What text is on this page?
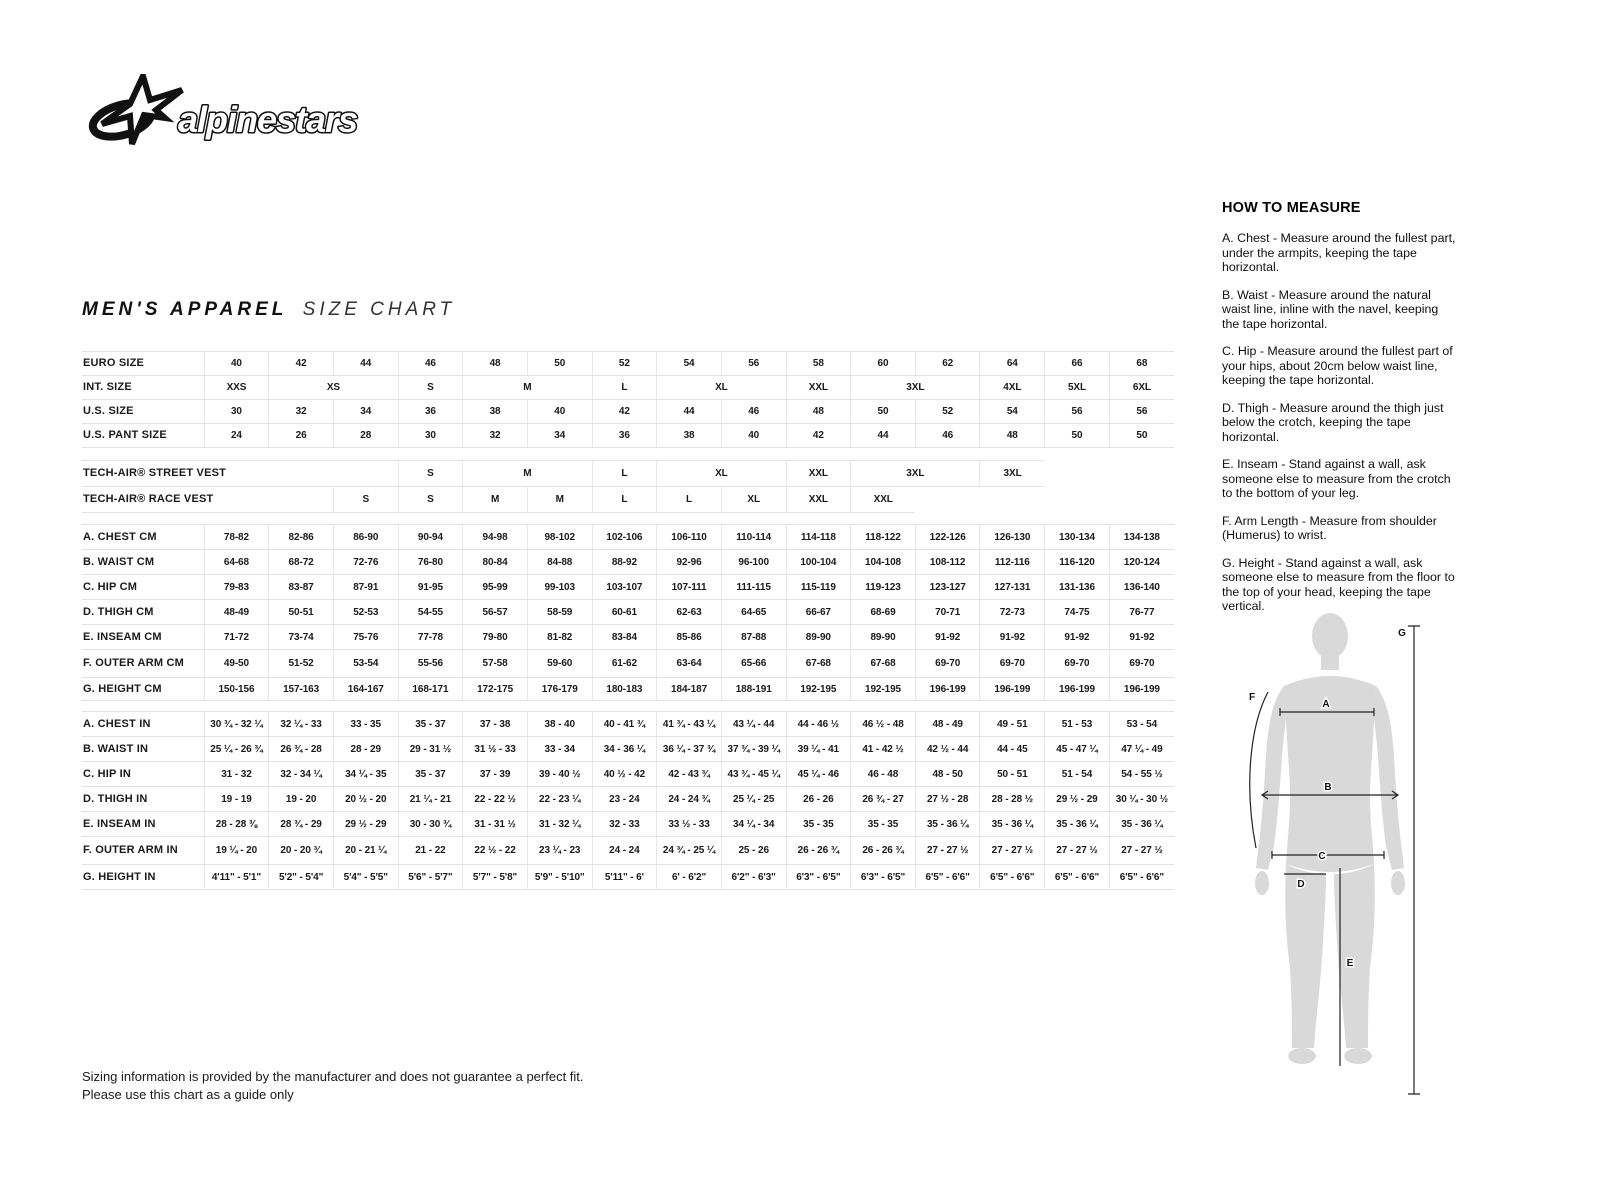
alpinestars
MEN'S APPAREL SIZE CHART
EURO SIZE	40	42	44	46	48	50	52	54	56	58	60	62	64	66	68
INT. SIZE	XXS	XS		S	M		L	XL		XXL	3XL		4XL	5XL	6XL
U.S. SIZE	30	32	34	36	38	40	42	44	46	48	50	52	54	56	56
U.S. PANT SIZE	24	26	28	30	32	34	36	38	40	42	44	46	48	50	50

TECH-AIR® STREET VEST				S	M		L	XL		XXL	3XL		3XL		
TECH-AIR® RACE VEST			S	S	M	M	L	L	XL	XXL	XXL				

A. CHEST CM	78-82	82-86	86-90	90-94	94-98	98-102	102-106	106-110	110-114	114-118	118-122	122-126	126-130	130-134	134-138
B. WAIST CM	64-68	68-72	72-76	76-80	80-84	84-88	88-92	92-96	96-100	100-104	104-108	108-112	112-116	116-120	120-124
C. HIP CM	79-83	83-87	87-91	91-95	95-99	99-103	103-107	107-111	111-115	115-119	119-123	123-127	127-131	131-136	136-140
D. THIGH CM	48-49	50-51	52-53	54-55	56-57	58-59	60-61	62-63	64-65	66-67	68-69	70-71	72-73	74-75	76-77
E. INSEAM CM	71-72	73-74	75-76	77-78	79-80	81-82	83-84	85-86	87-88	89-90	89-90	91-92	91-92	91-92	91-92
F. OUTER ARM CM	49-50	51-52	53-54	55-56	57-58	59-60	61-62	63-64	65-66	67-68	67-68	69-70	69-70	69-70	69-70
G. HEIGHT CM	150-156	157-163	164-167	168-171	172-175	176-179	180-183	184-187	188-191	192-195	192-195	196-199	196-199	196-199	196-199

A. CHEST IN	30 ¾ - 32 ¼	32 ¼ - 33	33 - 35	35 - 37	37 - 38	38 - 40	40 - 41 ¾	41 ¾ - 43 ¼	43 ¼ - 44	44 - 46 ½	46 ½ - 48	48 - 49	49 - 51	51 - 53	53 - 54
B. WAIST IN	25 ¼ - 26 ¾	26 ¾ - 28	28 - 29	29 - 31 ½	31 ½ - 33	33 - 34	34 - 36 ¼	36 ¼ - 37 ¾	37 ¾ - 39 ¼	39 ¼ - 41	41 - 42 ½	42 ½ - 44	44 - 45	45 - 47 ¼	47 ¼ - 49
C. HIP IN	31 - 32	32 - 34 ¼	34 ¼ - 35	35 - 37	37 - 39	39 - 40 ½	40 ½ - 42	42 - 43 ¾	43 ¾ - 45 ¼	45 ¼ - 46	46 - 48	48 - 50	50 - 51	51 - 54	54 - 55 ½
D. THIGH IN	19 - 19	19 - 20	20 ½ - 20	21 ¼ - 21	22 - 22 ½	22 - 23 ¼	23 - 24	24 - 24 ¾	25 ¼ - 25	26 - 26	26 ¾ - 27	27 ½ - 28	28 - 28 ½	29 ½ - 29	30 ¼ - 30 ½
E. INSEAM IN	28 - 28 ⅜	28 ¾ - 29	29 ½ - 29	30 - 30 ¾	31 - 31 ½	31 - 32 ¼	32 - 33	33 ½ - 33	34 ¼ - 34	35 - 35	35 - 35	35 - 36 ¼	35 - 36 ¼	35 - 36 ¼	35 - 36 ¼
F. OUTER ARM IN	19 ¼ - 20	20 - 20 ¾	20 - 21 ¼	21 - 22	22 ½ - 22	23 ¼ - 23	24 - 24	24 ¾ - 25 ¼	25 - 26	26 - 26 ¾	26 - 26 ¾	27 - 27 ½	27 - 27 ½	27 - 27 ½	27 - 27 ½
G. HEIGHT IN	4'11" - 5'1"	5'2" - 5'4"	5'4" - 5'5"	5'6" - 5'7"	5'7" - 5'8"	5'9" - 5'10"	5'11" - 6'	6' - 6'2"	6'2" - 6'3"	6'3" - 6'5"	6'3" - 6'5"	6'5" - 6'6"	6'5" - 6'6"	6'5" - 6'6"	6'5" - 6'6"
HOW TO MEASURE

A. Chest - Measure around the fullest part, under the armpits, keeping the tape horizontal.

B. Waist - Measure around the natural waist line, inline with the navel, keeping the tape horizontal.

C. Hip - Measure around the fullest part of your hips, about 20cm below waist line, keeping the tape horizontal.

D. Thigh - Measure around the thigh just below the crotch, keeping the tape horizontal.

E. Inseam - Stand against a wall, ask someone else to measure from the crotch to the bottom of your leg.

F. Arm Length - Measure from shoulder (Humerus) to wrist.

G. Height - Stand against a wall, ask someone else to measure from the floor to the top of your head, keeping the tape vertical.

A
B
C
D
E
F
G
Sizing information is provided by the manufacturer and does not guarantee a perfect fit.
Please use this chart as a guide only
